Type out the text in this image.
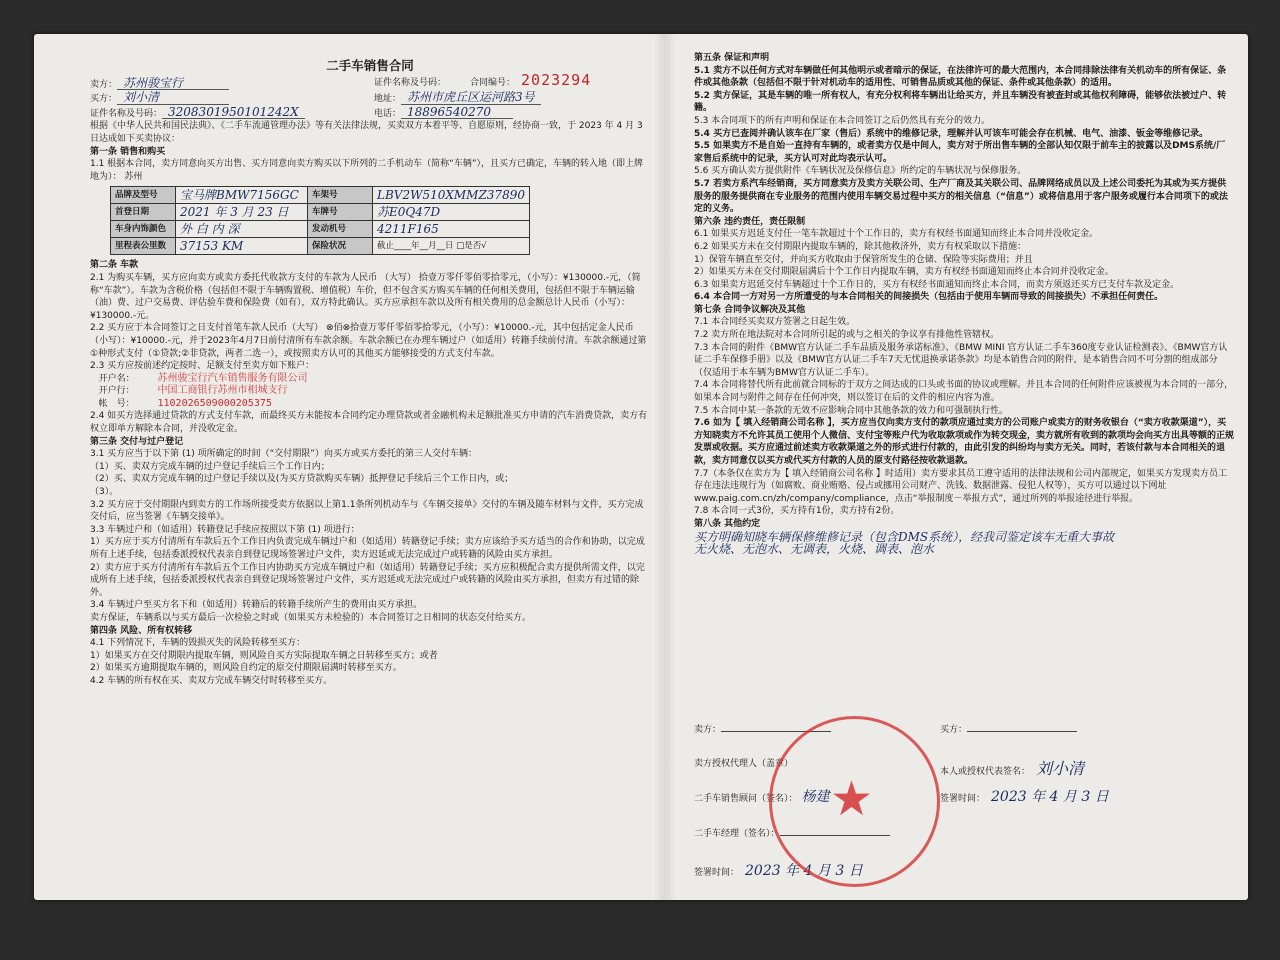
二手车销售合同
合同编号： 2023294
卖方： 苏州骏宝行	证件名称及号码：
买方： 刘小清	地址： 苏州市虎丘区运河路3号
证件名称及号码： 3208301950101242X	电话： 18896540270

根据《中华人民共和国民法典》、《二手车流通管理办法》等有关法律法规，买卖双方本着平等、自愿原则，经协商一致，于 2023 年 4 月 3 日达成如下买卖协议：

第一条 销售和购买

1.1 根据本合同，卖方同意向买方出售、买方同意向卖方购买以下所列的二手机动车（简称“车辆”），且买方已确定，车辆的转入地（即上牌地为）： 苏州

品牌及型号	宝马牌BMW7156GC	车架号	LBV2W510XMMZ37890
首登日期	2021 年 3 月 23 日	车牌号	苏E0Q47D
车身内饰颜色	外 白 内 深	发动机号	4211F165
里程表公里数	37153 KM	保险状况	截止____年__月__日 □是否√

第二条 车款

2.1 为购买车辆，买方应向卖方或卖方委托代收款方支付的车款为人民币 （大写） 拾壹万零仟零佰零拾零元，（小写）：¥130000.-元，（简称“车款”）。车款为含税价格（包括但不限于车辆购置税、增值税）车价，但不包含买方购买车辆的任何相关费用，包括但不限于车辆运输（油）费、过户交易费、评估验车费和保险费（如有），双方特此确认。买方应承担车款以及所有相关费用的总金额总计人民币（小写）：¥130000.-元。

2.2 买方应于本合同签订之日支付首笔车款人民币（大写） ⊗佰⊗拾壹万零仟零佰零拾零元，（小写）：¥10000.-元，其中包括定金人民币（小写）：¥10000.-元，并于2023年4月7日前付清所有车款余额。车款余额已在办理车辆过户（如适用）转籍手续前付清。车款余额通过第①种形式支付（①贷款;②非贷款，两者二选一），或按照卖方认可的其他买方能够接受的方式支付车款。

2.3 买方应按前述约定按时、足额支付至卖方如下账户：

开户名： 苏州骏宝行汽车销售服务有限公司

开户行： 中国工商银行苏州市相城支行

帐　号： 1102026509000205375

2.4 如买方选择通过贷款的方式支付车款，而最终买方未能按本合同约定办理贷款或者金融机构未足额批准买方申请的汽车消费贷款，卖方有权立即单方解除本合同，并没收定金。

第三条 交付与过户登记

3.1 买方应当于以下第 (1) 项所确定的时间（“交付期限”）向买方或买方委托的第三人交付车辆：

（1）买、卖双方完成车辆的过户登记手续后三个工作日内；

（2）买、卖双方完成车辆的过户登记手续以及(为买方贷款购买车辆）抵押登记手续后三个工作日内，或；

（3）。

3.2 买方应于交付期限内到卖方的工作场所接受卖方依据以上第1.1条所列机动车与《车辆交接单》交付的车辆及随车材料与文件，买方完成交付后，应当签署《车辆交接单》。

3.3 车辆过户和（如适用）转籍登记手续应按照以下第 (1) 项进行：

1）买方应于买方付清所有车款后五个工作日内负责完成车辆过户和（如适用）转籍登记手续；卖方应该给予买方适当的合作和协助，以完成所有上述手续，包括委派授权代表亲自到登记现场签署过户文件，卖方迟延或无法完成过户或转籍的风险由买方承担。

2）卖方应于买方付清所有车款后五个工作日内协助买方完成车辆过户和（如适用）转籍登记手续；买方应积极配合卖方提供所需文件，以完成所有上述手续，包括委派授权代表亲自到登记现场签署过户文件，买方迟延或无法完成过户或转籍的风险由买方承担，但卖方有过错的除外。

3.4 车辆过户至买方名下和（如适用）转籍后的转籍手续所产生的费用由买方承担。

卖方保证，车辆系以与买方最后一次检验之时或（如果买方未检验的）本合同签订之日相同的状态交付给买方。

第四条 风险、所有权转移

4.1 下列情况下，车辆的毁损灭失的风险转移至买方：

1）如果买方在交付期限内提取车辆，则风险自买方实际提取车辆之日转移至买方；或者

2）如果买方逾期提取车辆的，则风险自约定的原交付期限届满时转移至买方。

4.2 车辆的所有权在买、卖双方完成车辆交付时转移至买方。

第五条 保证和声明

5.1 卖方不以任何方式对车辆做任何其他明示或者暗示的保证，在法律许可的最大范围内，本合同排除法律有关机动车的所有保证、条件或其他条款（包括但不限于针对机动车的适用性、可销售品质或其他的保证、条件或其他条款）的适用。

5.2 卖方保证，其是车辆的唯一所有权人，有充分权利将车辆出让给买方，并且车辆没有被查封或其他权利障碍，能够依法被过户、转籍。

5.3 本合同项下的所有声明和保证在本合同签订之后仍然具有充分的效力。

5.4 买方已查阅并确认该车在厂家（售后）系统中的维修记录，理解并认可该车可能会存在机械、电气、油漆、钣金等维修记录。

5.5 如果卖方不是自始一直持有车辆的，或者卖方仅是中间人，卖方对于所出售车辆的全部认知仅限于前车主的披露以及DMS系统/厂家售后系统中的记录，买方认可对此均表示认可。

5.6 买方确认卖方提供附件《车辆状况及保修信息》所约定的车辆状况与保修服务。

5.7 若卖方系汽车经销商，买方同意卖方及卖方关联公司、生产厂商及其关联公司、品牌网络成员以及上述公司委托为其或为买方提供服务的服务提供商在专业服务的范围内使用车辆交易过程中买方的相关信息（“信息”）或将信息用于客户服务或履行本合同项下的或法定的义务。

第六条 违约责任，责任限制

6.1 如果买方迟延支付任一笔车款超过十个工作日的，卖方有权经书面通知而终止本合同并没收定金。

6.2 如果买方未在交付期限内提取车辆的，除其他救济外，卖方有权采取以下措施：

1）保管车辆直至交付，并向买方收取由于保管所发生的仓储、保险等实际费用；并且

2）如果买方未在交付期限届满后十个工作日内提取车辆，卖方有权经书面通知而终止本合同并没收定金。

6.3 如果卖方迟延交付车辆超过十个工作日的，买方有权经书面通知而终止本合同，而卖方须返还买方已支付车款及定金。

6.4 本合同一方对另一方所遭受的与本合同相关的间接损失（包括由于使用车辆而导致的间接损失）不承担任何责任。

第七条 合同争议解决及其他

7.1 本合同经买卖双方签署之日起生效。

7.2 卖方所在地法院对本合同所引起的或与之相关的争议享有排他性管辖权。

7.3 本合同的附件《BMW官方认证二手车品质及服务承诺标准》、《BMW MINI 官方认证二手车360度专业认证检测表》、《BMW官方认证二手车保修手册》以及《BMW官方认证二手车7天无忧退换承诺条款》均是本销售合同的附件，是本销售合同不可分割的组成部分（仅适用于本车辆为BMW官方认证二手车）。

7.4 本合同将替代所有此前就合同标的于双方之间达成的口头或书面的协议或理解。并且本合同的任何附件应该被视为本合同的一部分，如果本合同与附件之间存在任何冲突，则以签订在后的文件的相应内容为准。

7.5 本合同中某一条款的无效不应影响合同中其他条款的效力和可强制执行性。

7.6 如为【 填入经销商公司名称 】，买方应当仅向卖方支付的款项应通过卖方的公司账户或卖方的财务收银台（“卖方收款渠道”），买方知晓卖方不允许其员工使用个人微信、支付宝等账户代为收取款项或作为转交现金，卖方就所有收到的款项均会向买方出具等额的正规发票或收据。买方应通过前述卖方收款渠道之外的形式进行付款的，由此引发的纠纷均与卖方无关。同时，若该付款与本合同相关的退款，卖方同意仅以买方或代买方付款的人员的原支付路径按收款退款。

7.7（本条仅在卖方为【 填入经销商公司名称 】时适用）卖方要求其员工遵守适用的法律法规和公司内部规定，如果买方发现卖方员工存在违法违规行为（如腐败、商业贿赂、侵占或挪用公司财产、洗钱、数据泄露、侵犯人权等），买方可以通过以下网址 www.paig.com.cn/zh/company/compliance，点击“举报制度－举报方式”，通过所列的举报途径进行举报。

7.8 本合同一式3份，买方持有1份，卖方持有2份。

第八条 其他约定

买方明确知晓车辆保修维修记录（包含DMS系统），经我司鉴定该车无重大事故

无火烧、无泡水、无调表，火烧、调表、泡水

卖方：	买方：
卖方授权代理人（盖章）
本人或授权代表签名： 刘小清
二手车销售顾问（签名）： 杨建	签署时间： 2023 年 4 月 3 日
二手车经理（签名）：
签署时间： 2023 年 4 月 3 日
★
